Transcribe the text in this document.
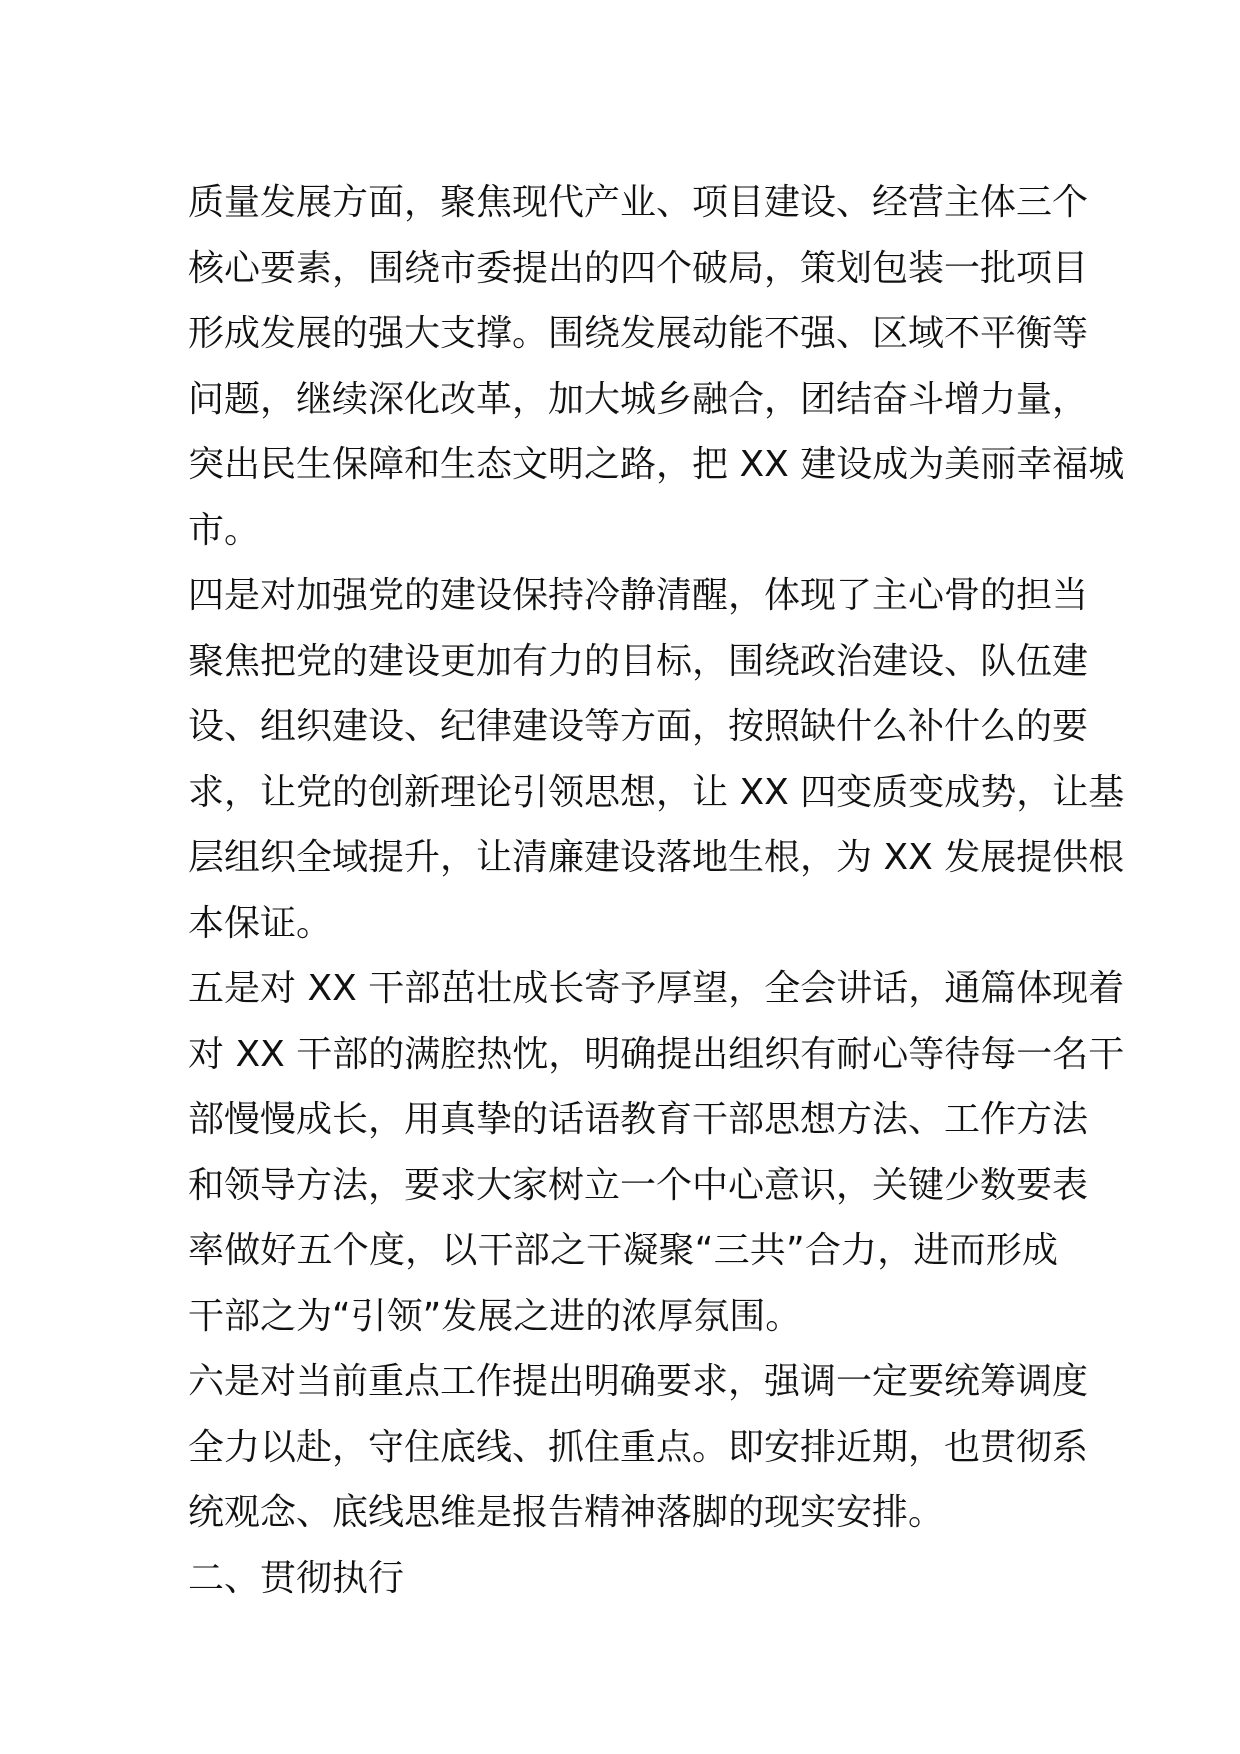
质量发展方面，聚焦现代产业、项目建设、经营主体三个
核心要素，围绕市委提出的四个破局，策划包装一批项目
形成发展的强大支撑。围绕发展动能不强、区域不平衡等
问题，继续深化改革，加大城乡融合，团结奋斗增力量，
突出民生保障和生态文明之路，把 XX 建设成为美丽幸福城
市。
四是对加强党的建设保持冷静清醒，体现了主心骨的担当
聚焦把党的建设更加有力的目标，围绕政治建设、队伍建
设、组织建设、纪律建设等方面，按照缺什么补什么的要
求，让党的创新理论引领思想，让 XX 四变质变成势，让基
层组织全域提升，让清廉建设落地生根，为 XX 发展提供根
本保证。
五是对 XX 干部茁壮成长寄予厚望，全会讲话，通篇体现着
对 XX 干部的满腔热忱，明确提出组织有耐心等待每一名干
部慢慢成长，用真挚的话语教育干部思想方法、工作方法
和领导方法，要求大家树立一个中心意识，关键少数要表
率做好五个度，以干部之干凝聚“三共”合力，进而形成
干部之为“引领”发展之进的浓厚氛围。
六是对当前重点工作提出明确要求，强调一定要统筹调度
全力以赴，守住底线、抓住重点。即安排近期，也贯彻系
统观念、底线思维是报告精神落脚的现实安排。
二、贯彻执行
